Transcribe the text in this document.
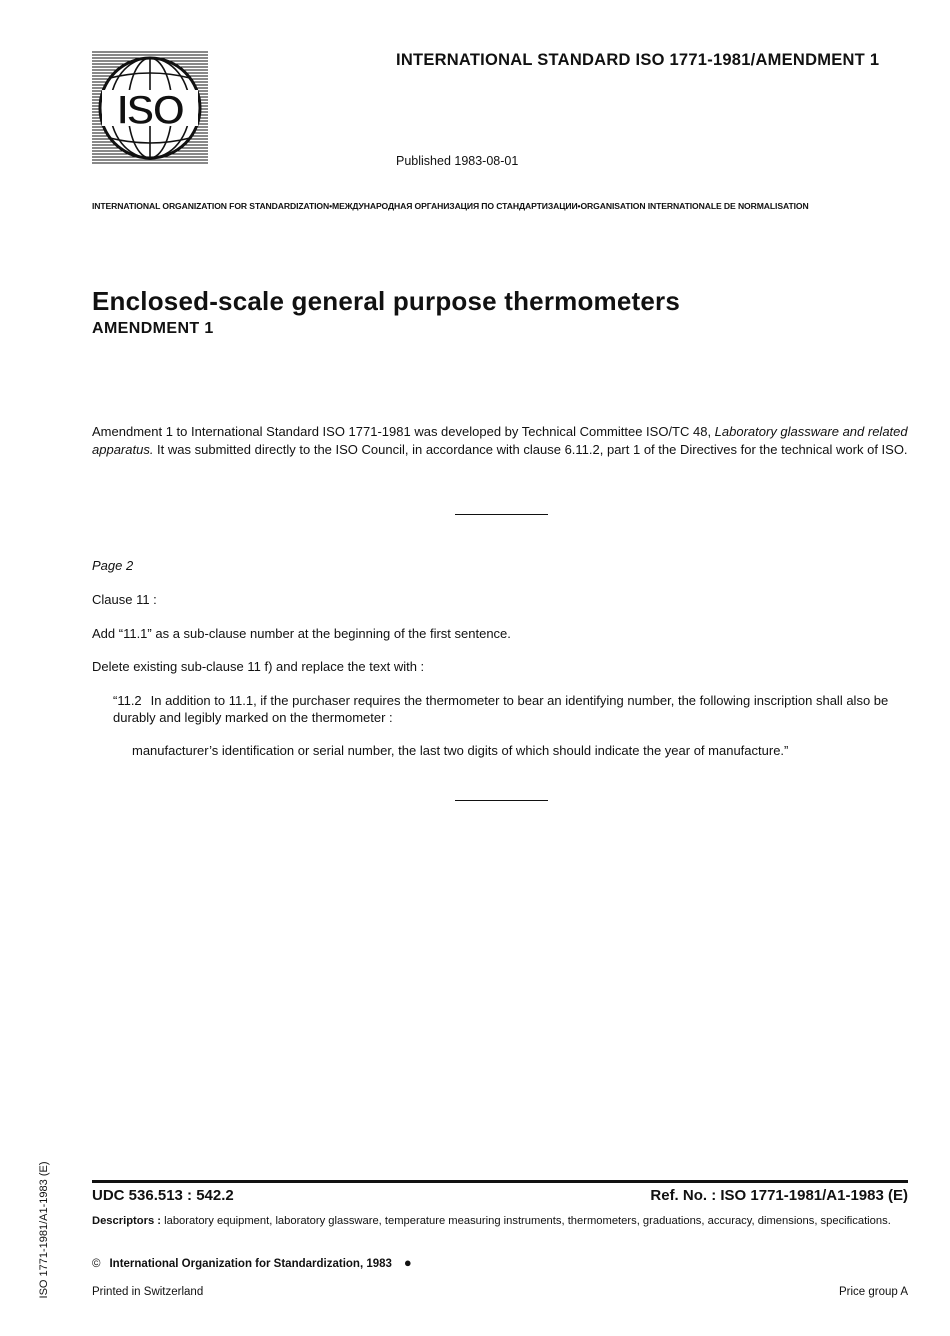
ISO
INTERNATIONAL STANDARD ISO 1771-1981/AMENDMENT 1
Published 1983-08-01
INTERNATIONAL ORGANIZATION FOR STANDARDIZATION•МЕЖДУНАРОДНАЯ ОРГАНИЗАЦИЯ ПО СТАНДАРТИЗАЦИИ•ORGANISATION INTERNATIONALE DE NORMALISATION
Enclosed-scale general purpose thermometers
AMENDMENT 1
Amendment 1 to International Standard ISO 1771-1981 was developed by Technical Committee ISO/TC 48, Laboratory glassware and related apparatus. It was submitted directly to the ISO Council, in accordance with clause 6.11.2, part 1 of the Directives for the technical work of ISO.
Page 2
Clause 11 :
Add “11.1” as a sub-clause number at the beginning of the first sentence.
Delete existing sub-clause 11 f) and replace the text with :
“11.2 In addition to 11.1, if the purchaser requires the thermometer to bear an identifying number, the following inscription shall also be durably and legibly marked on the thermometer :
manufacturer’s identification or serial number, the last two digits of which should indicate the year of manufacture.”
UDC 536.513 : 542.2	Ref. No. : ISO 1771-1981/A1-1983 (E)
Descriptors : laboratory equipment, laboratory glassware, temperature measuring instruments, thermometers, graduations, accuracy, dimensions, specifications.
© International Organization for Standardization, 1983 ●
Printed in Switzerland	Price group A
ISO 1771-1981/A1-1983 (E)
